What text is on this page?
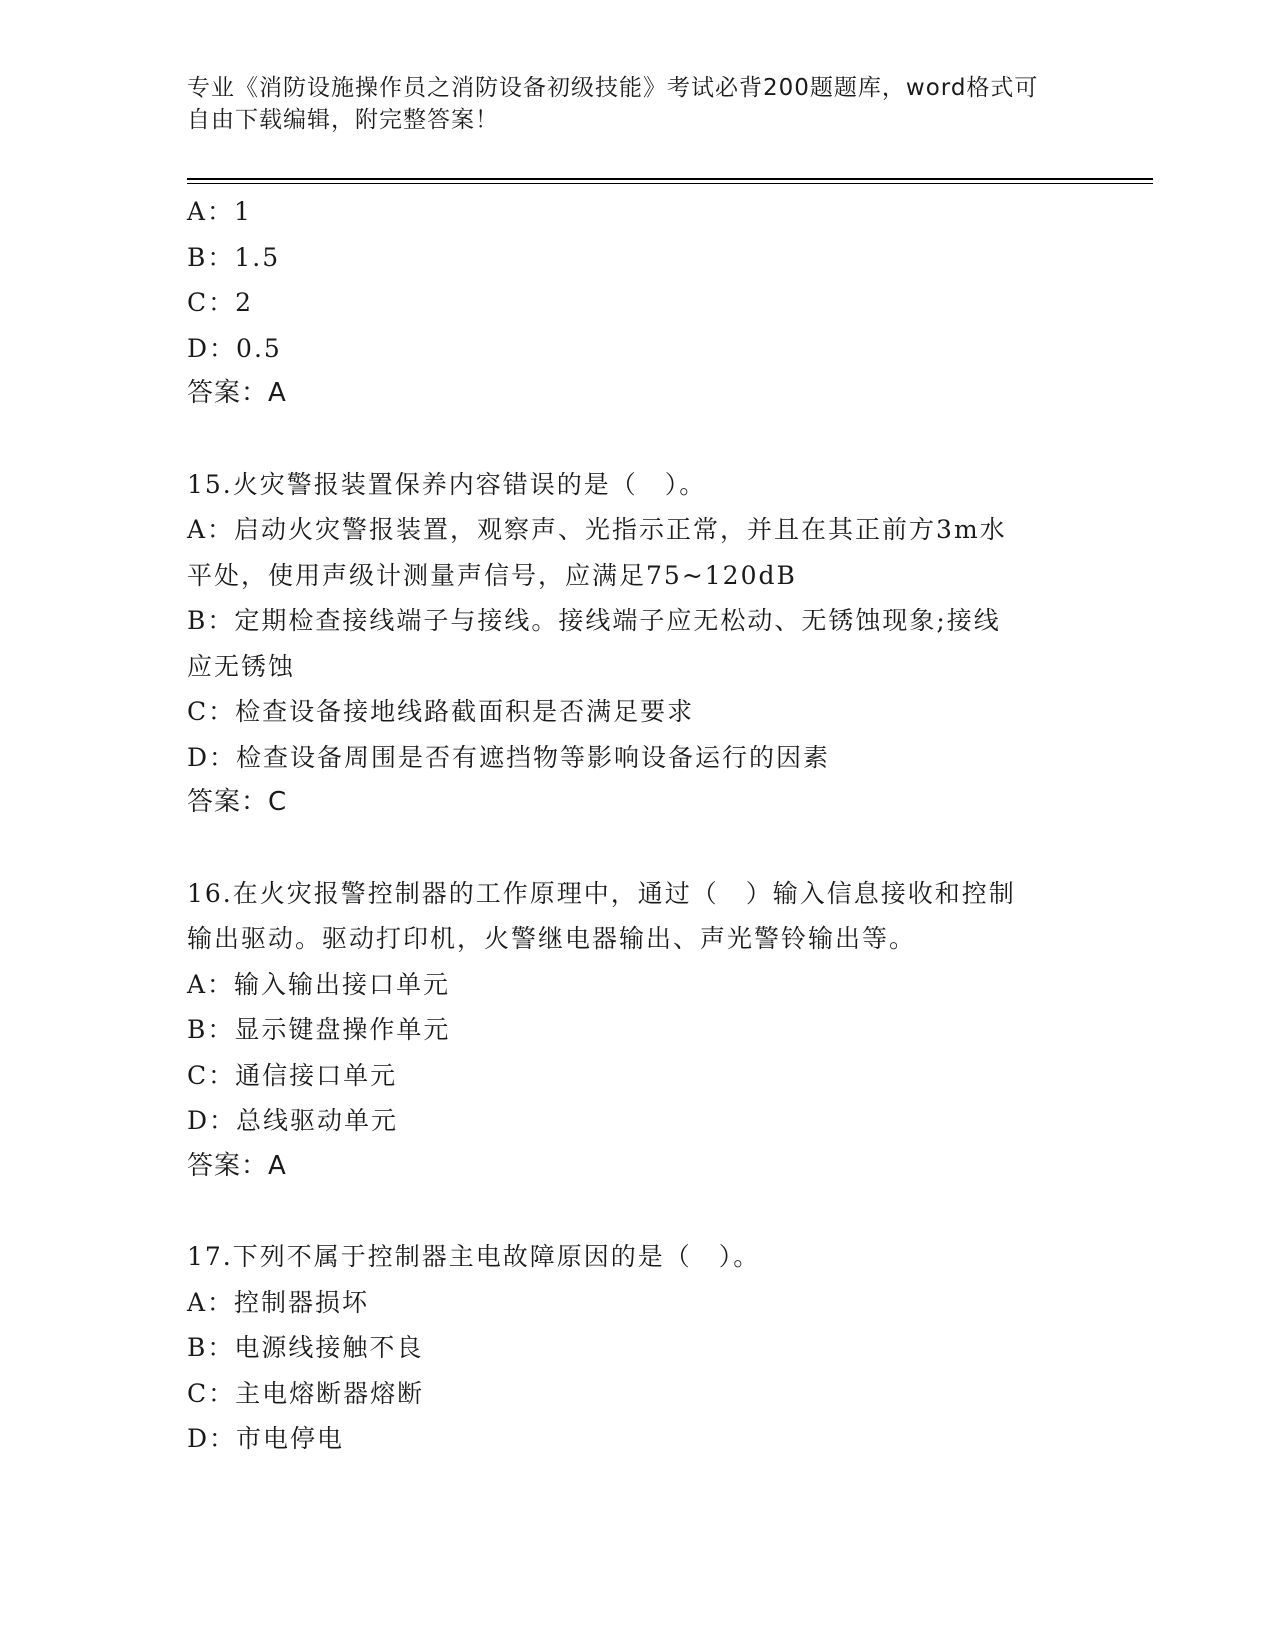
专业《消防设施操作员之消防设备初级技能》考试必背200题题库，word格式可
自由下载编辑，附完整答案！
A：1
B：1.5
C：2
D：0.5
答案：A
15.火灾警报装置保养内容错误的是（　）。
A：启动火灾警报装置，观察声、光指示正常，并且在其正前方3m水
平处，使用声级计测量声信号，应满足75~120dB
B：定期检查接线端子与接线。接线端子应无松动、无锈蚀现象;接线
应无锈蚀
C：检查设备接地线路截面积是否满足要求
D：检查设备周围是否有遮挡物等影响设备运行的因素
答案：C
16.在火灾报警控制器的工作原理中，通过（　）输入信息接收和控制
输出驱动。驱动打印机，火警继电器输出、声光警铃输出等。
A：输入输出接口单元
B：显示键盘操作单元
C：通信接口单元
D：总线驱动单元
答案：A
17.下列不属于控制器主电故障原因的是（　）。
A：控制器损坏
B：电源线接触不良
C：主电熔断器熔断
D：市电停电
